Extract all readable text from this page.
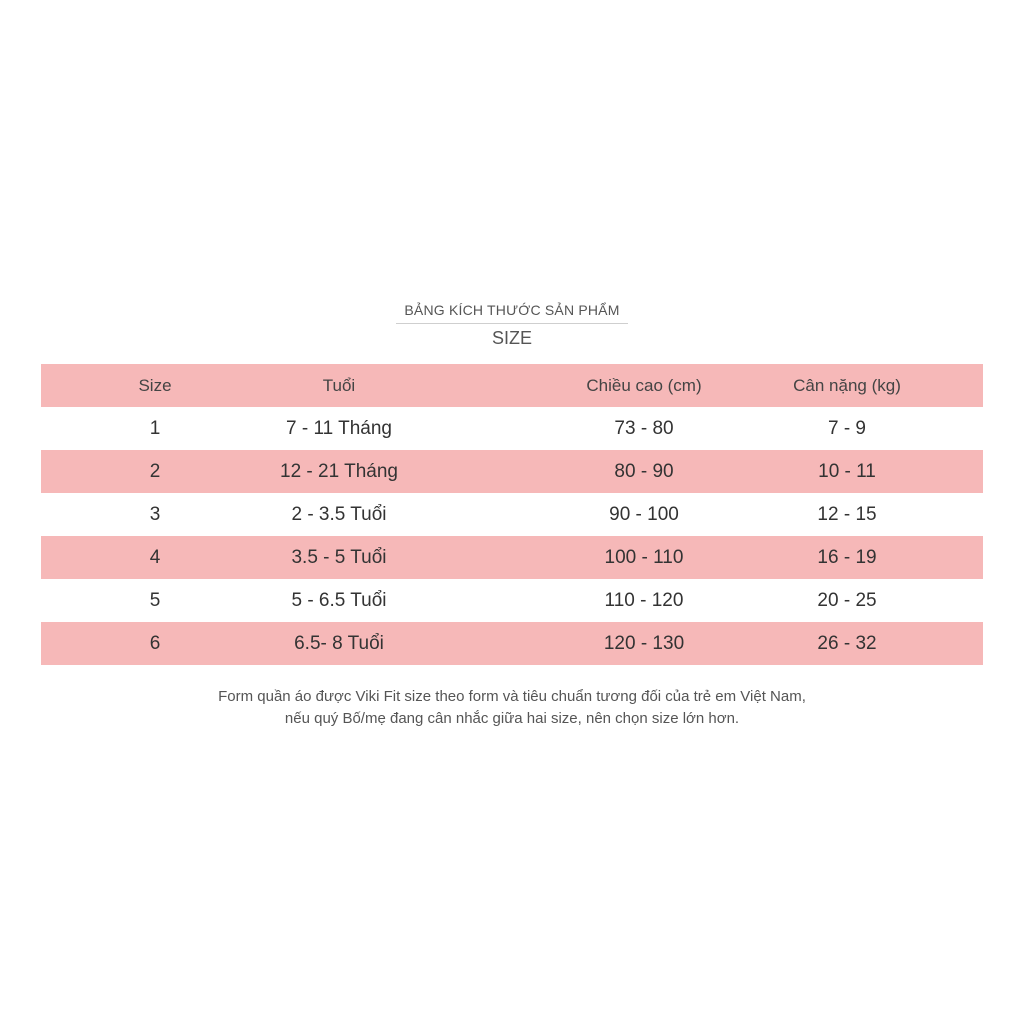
BẢNG KÍCH THƯỚC SẢN PHẨM
SIZE
Size	Tuổi	Chiều cao (cm)	Cân nặng (kg)
1	7 - 11 Tháng	73 - 80	7 - 9
2	12 - 21 Tháng	80 - 90	10 - 11
3	2 - 3.5 Tuổi	90 - 100	12 - 15
4	3.5 - 5 Tuổi	100 - 110	16 - 19
5	5 - 6.5 Tuổi	110 - 120	20 - 25
6	6.5- 8 Tuổi	120 - 130	26 - 32
Form quần áo được Viki Fit size theo form và tiêu chuẩn tương đối của trẻ em Việt Nam,
nếu quý Bố/mẹ đang cân nhắc giữa hai size, nên chọn size lớn hơn.
